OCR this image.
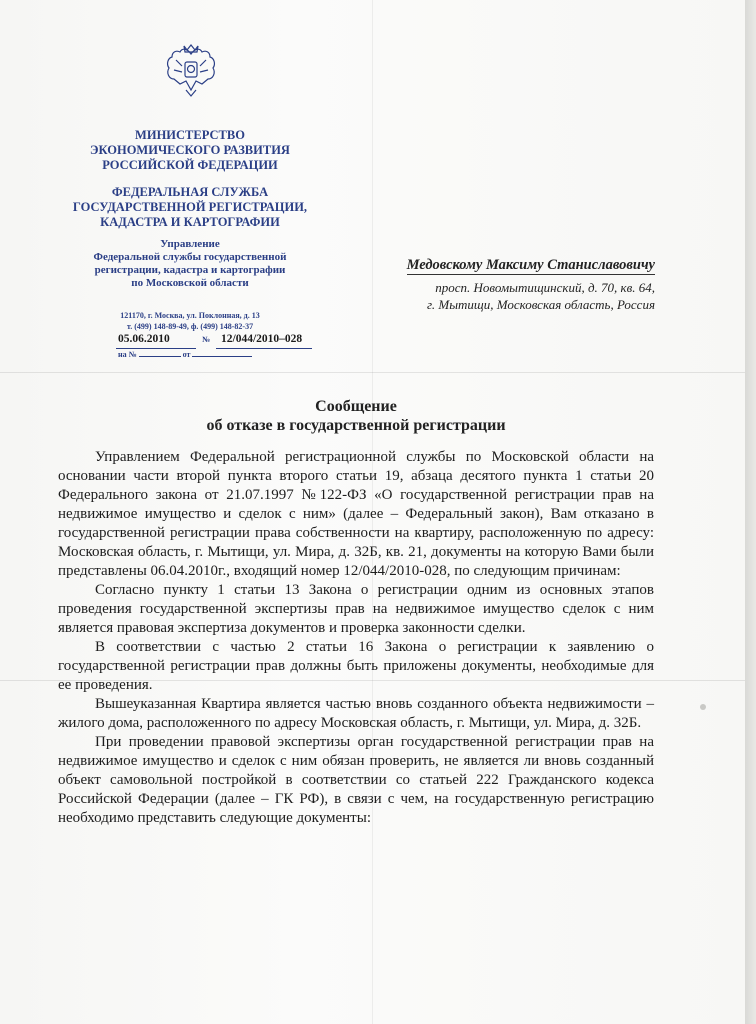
МИНИСТЕРСТВО
ЭКОНОМИЧЕСКОГО РАЗВИТИЯ
РОССИЙСКОЙ ФЕДЕРАЦИИ
ФЕДЕРАЛЬНАЯ СЛУЖБА
ГОСУДАРСТВЕННОЙ РЕГИСТРАЦИИ,
КАДАСТРА И КАРТОГРАФИИ
Управление
Федеральной службы государственной
регистрации, кадастра и картографии
по Московской области
121170, г. Москва, ул. Поклонная, д. 13
т. (499) 148-89-49, ф. (499) 148-82-37
05.06.2010	№ 12/044/2010–028
на №	от
Медовскому Максиму Станиславовичу
просп. Новомытищинский, д. 70, кв. 64,
г. Мытищи, Московская область, Россия
Сообщение
об отказе в государственной регистрации

Управлением Федеральной регистрационной службы по Московской области на основании части второй пункта второго статьи 19, абзаца десятого пункта 1 статьи 20 Федерального закона от 21.07.1997 №122-ФЗ «О государственной регистрации прав на недвижимое имущество и сделок с ним» (далее – Федеральный закон), Вам отказано в государственной регистрации права собственности на квартиру, расположенную по адресу: Московская область, г. Мытищи, ул. Мира, д. 32Б, кв. 21, документы на которую Вами были представлены 06.04.2010г., входящий номер 12/044/2010-028, по следующим причинам:

Согласно пункту 1 статьи 13 Закона о регистрации одним из основных этапов проведения государственной экспертизы прав на недвижимое имущество сделок с ним является правовая экспертиза документов и проверка законности сделки.

В соответствии с частью 2 статьи 16 Закона о регистрации к заявлению о государственной регистрации прав должны быть приложены документы, необходимые для ее проведения.

Вышеуказанная Квартира является частью вновь созданного объекта недвижимости – жилого дома, расположенного по адресу Московская область, г. Мытищи, ул. Мира, д. 32Б.

При проведении правовой экспертизы орган государственной регистрации прав на недвижимое имущество и сделок с ним обязан проверить, не является ли вновь созданный объект самовольной постройкой в соответствии со статьей 222 Гражданского кодекса Российской Федерации (далее – ГК РФ), в связи с чем, на государственную регистрацию необходимо представить следующие документы:
